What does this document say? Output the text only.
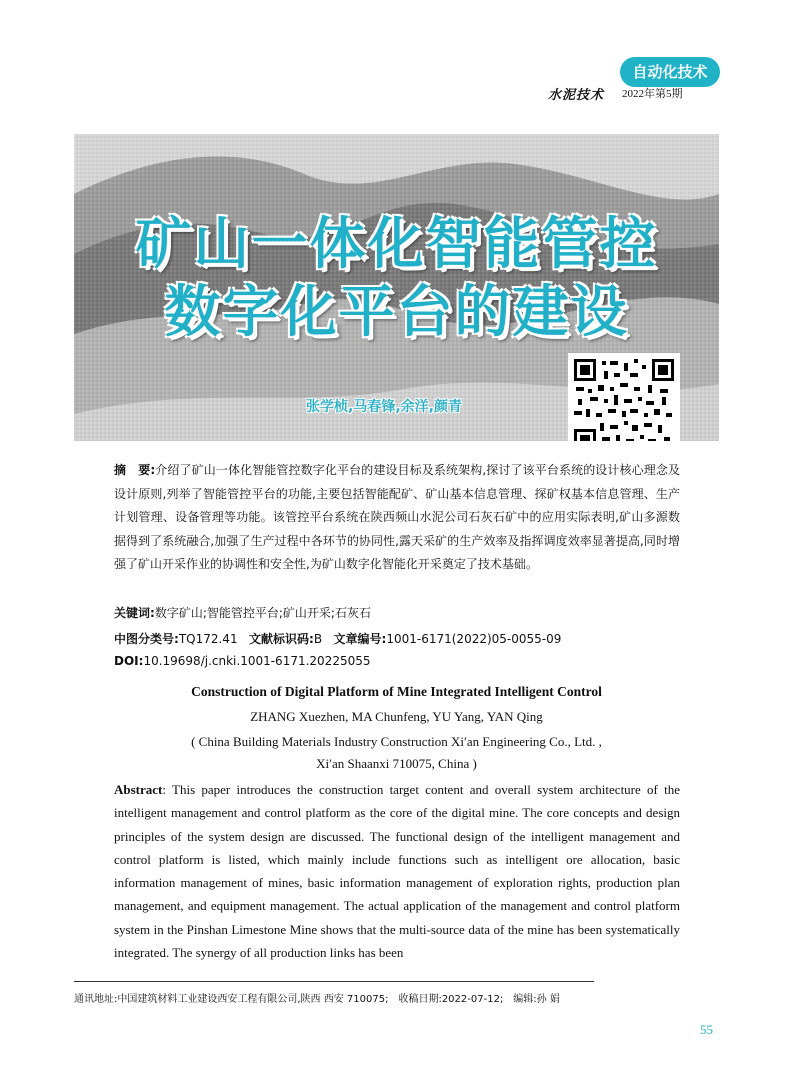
自动化技术
水泥技术 2022年第5期
矿山一体化智能管控
数字化平台的建设
张学桢,马春锋,余洋,颜青
摘　要:介绍了矿山一体化智能管控数字化平台的建设目标及系统架构,探讨了该平台系统的设计核心理念及设计原则,列举了智能管控平台的功能,主要包括智能配矿、矿山基本信息管理、探矿权基本信息管理、生产计划管理、设备管理等功能。该管控平台系统在陕西频山水泥公司石灰石矿中的应用实际表明,矿山多源数据得到了系统融合,加强了生产过程中各环节的协同性,露天采矿的生产效率及指挥调度效率显著提高,同时增强了矿山开采作业的协调性和安全性,为矿山数字化智能化开采奠定了技术基础。
关键词:数字矿山;智能管控平台;矿山开采;石灰石
中图分类号:TQ172.41 文献标识码:B 文章编号:1001-6171(2022)05-0055-09
DOI:10.19698/j.cnki.1001-6171.20225055
Construction of Digital Platform of Mine Integrated Intelligent Control
ZHANG Xuezhen, MA Chunfeng, YU Yang, YAN Qing
( China Building Materials Industry Construction Xi′an Engineering Co., Ltd. ,
Xi′an Shaanxi 710075, China )
Abstract: This paper introduces the construction target content and overall system architecture of the intelligent management and control platform as the core of the digital mine. The core concepts and design principles of the system design are discussed. The functional design of the intelligent management and control platform is listed, which mainly include functions such as intelligent ore allocation, basic information management of mines, basic information management of exploration rights, production plan management, and equipment management. The actual application of the management and control platform system in the Pinshan Limestone Mine shows that the multi-source data of the mine has been systematically integrated. The synergy of all production links has been
通讯地址:中国建筑材料工业建设西安工程有限公司,陕西 西安 710075;　收稿日期:2022-07-12;　编辑:孙 娟
55
